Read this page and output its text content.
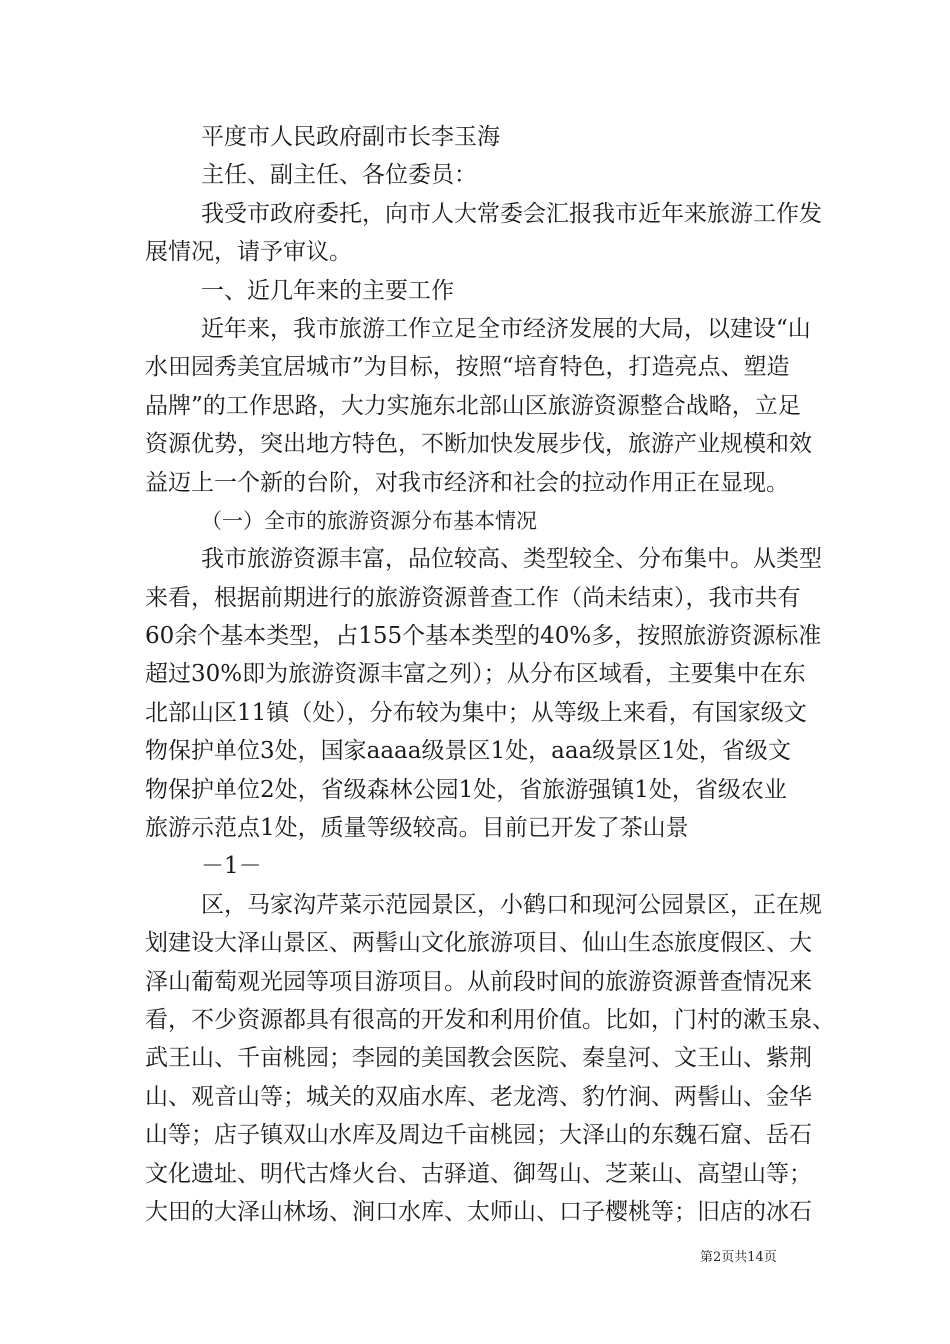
平度市人民政府副市长李玉海
主任、副主任、各位委员：
我受市政府委托，向市人大常委会汇报我市近年来旅游工作发
展情况，请予审议。
一、近几年来的主要工作
近年来，我市旅游工作立足全市经济发展的大局，以建设“山
水田园秀美宜居城市”为目标，按照“培育特色，打造亮点、塑造
品牌”的工作思路，大力实施东北部山区旅游资源整合战略，立足
资源优势，突出地方特色，不断加快发展步伐，旅游产业规模和效
益迈上一个新的台阶，对我市经济和社会的拉动作用正在显现。
（一）全市的旅游资源分布基本情况
我市旅游资源丰富，品位较高、类型较全、分布集中。从类型
来看，根据前期进行的旅游资源普查工作（尚未结束），我市共有
60余个基本类型，占155个基本类型的40%多，按照旅游资源标准
超过30%即为旅游资源丰富之列）；从分布区域看，主要集中在东
北部山区11镇（处），分布较为集中；从等级上来看，有国家级文
物保护单位3处，国家aaaa级景区1处，aaa级景区1处，省级文
物保护单位2处，省级森林公园1处，省旅游强镇1处，省级农业
旅游示范点1处，质量等级较高。目前已开发了茶山景
－1－
区，马家沟芹菜示范园景区，小鹤口和现河公园景区，正在规
划建设大泽山景区、两髻山文化旅游项目、仙山生态旅度假区、大
泽山葡萄观光园等项目游项目。从前段时间的旅游资源普查情况来
看，不少资源都具有很高的开发和利用价值。比如，门村的漱玉泉、
武王山、千亩桃园；李园的美国教会医院、秦皇河、文王山、紫荆
山、观音山等；城关的双庙水库、老龙湾、豹竹涧、两髻山、金华
山等；店子镇双山水库及周边千亩桃园；大泽山的东魏石窟、岳石
文化遗址、明代古烽火台、古驿道、御驾山、芝莱山、高望山等；
大田的大泽山林场、涧口水库、太师山、口子樱桃等；旧店的冰石
第2页共14页
